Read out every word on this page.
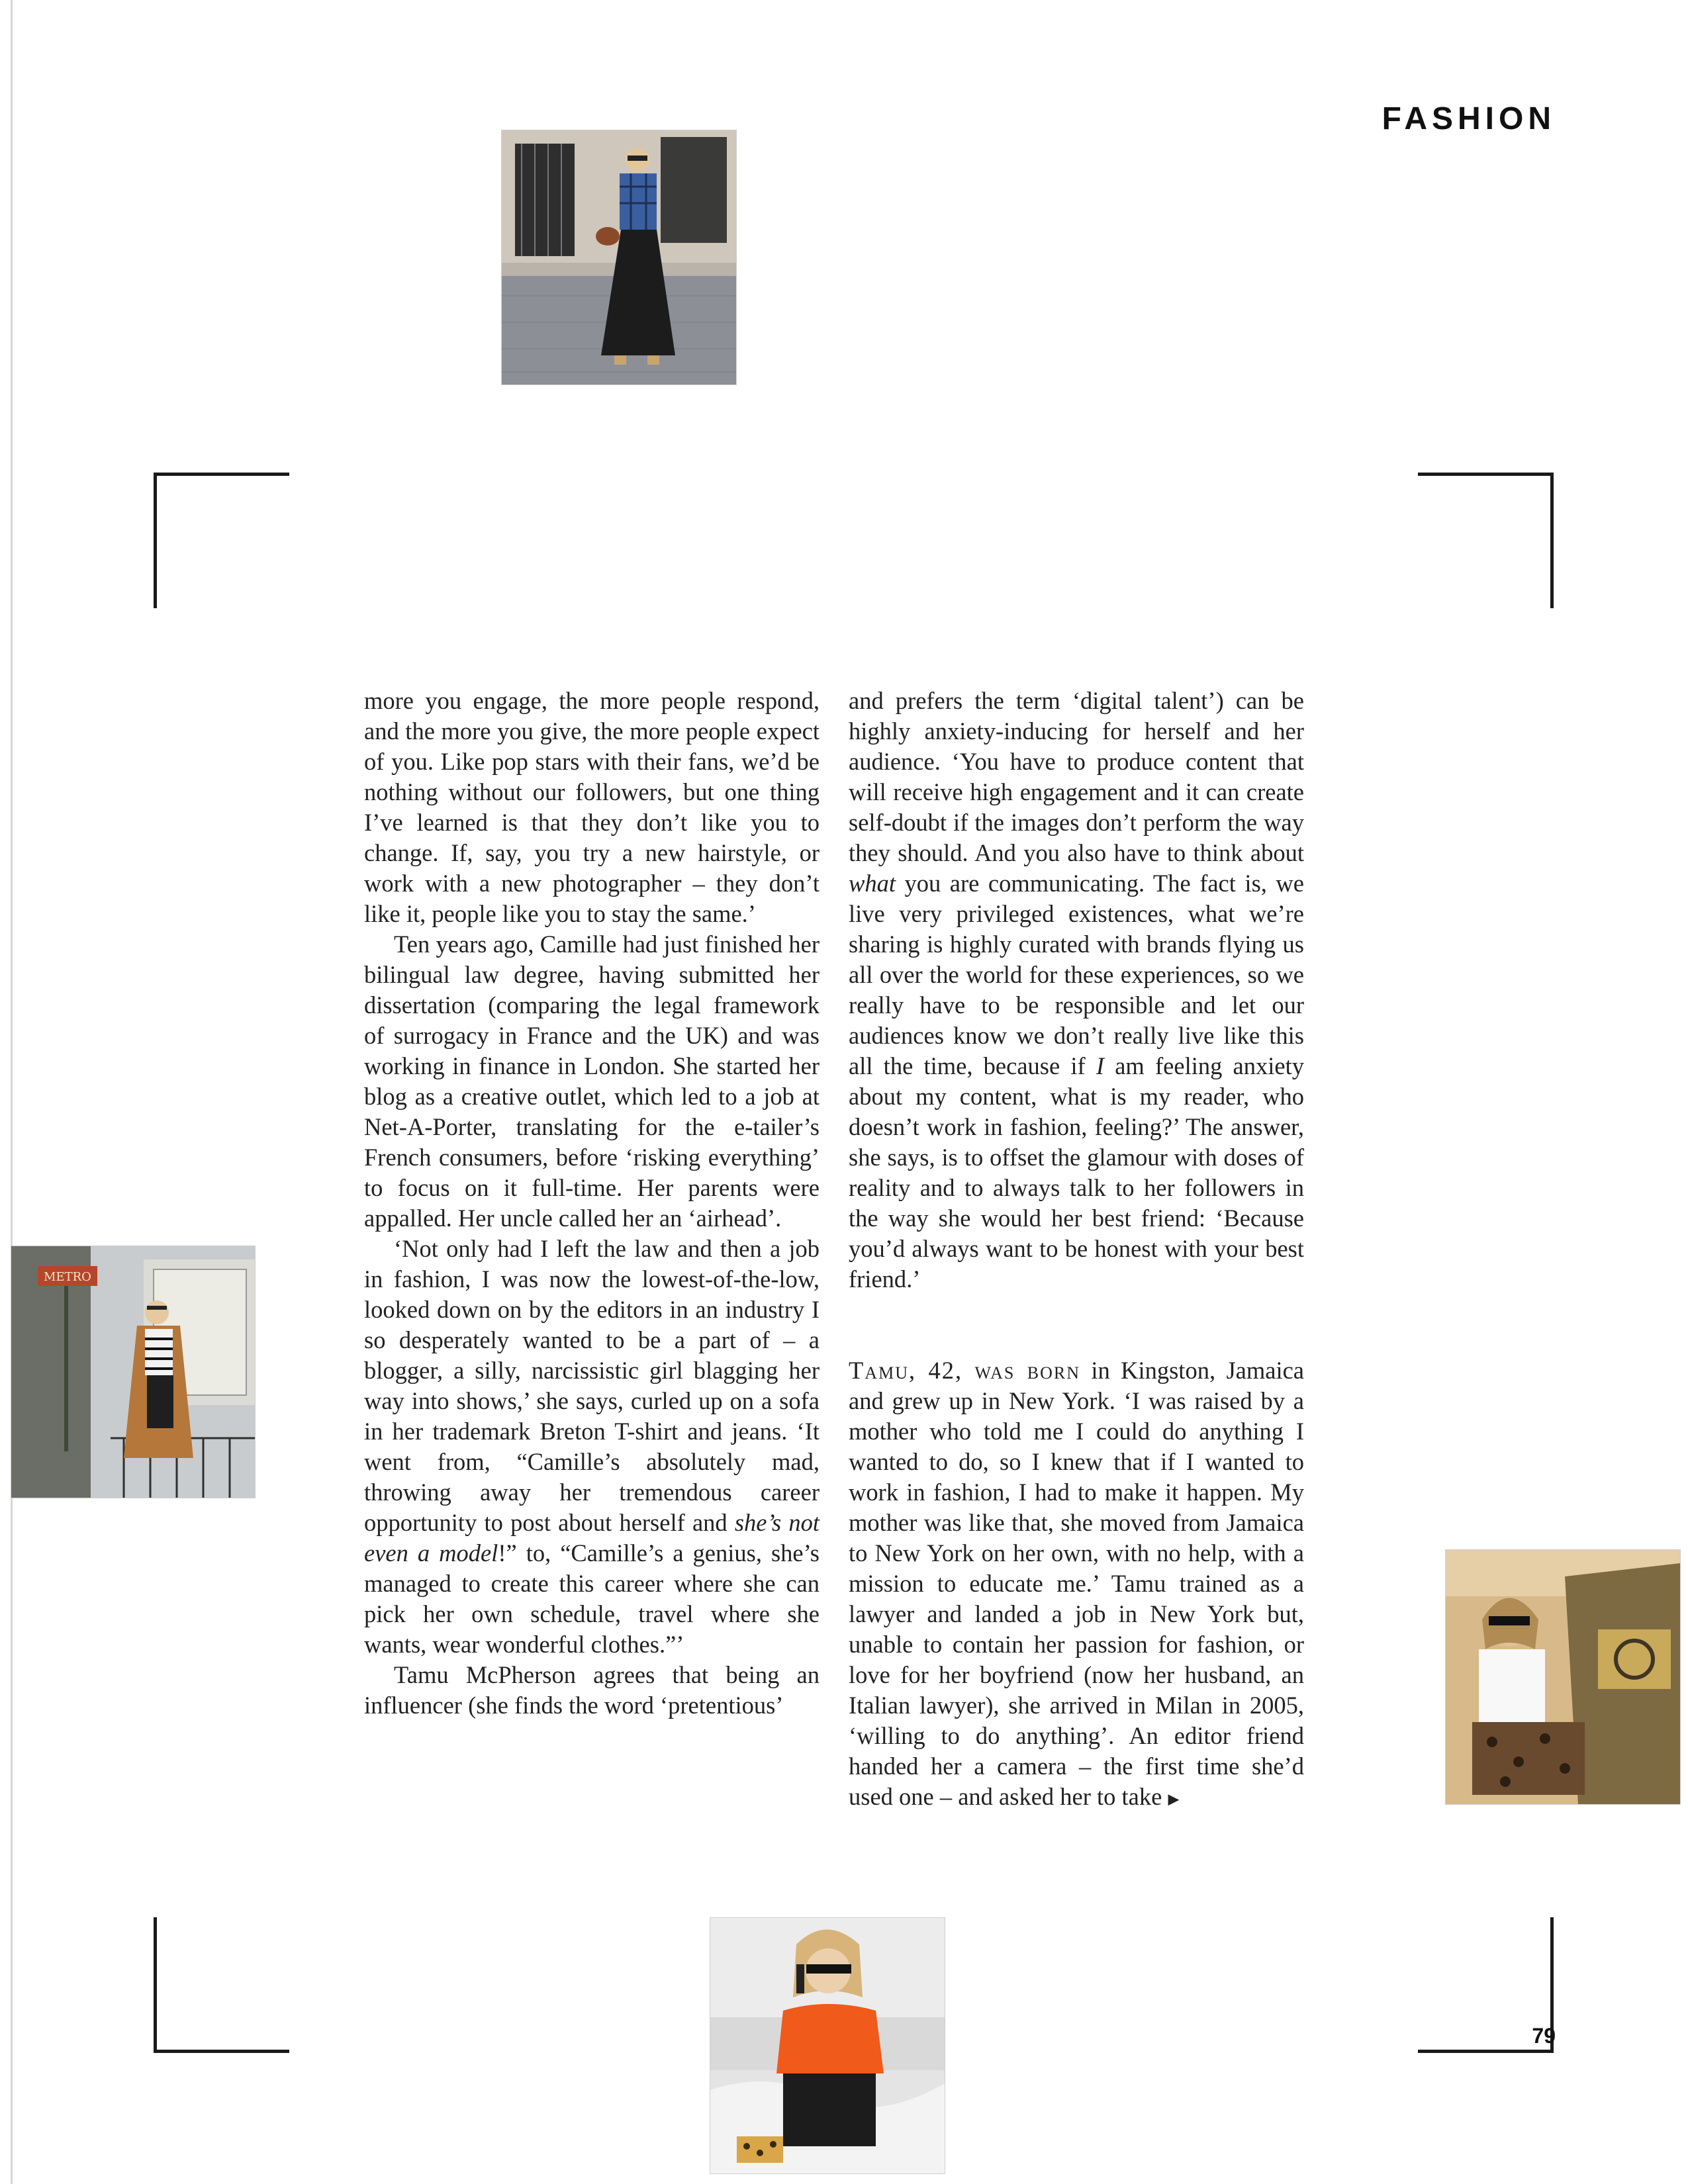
FASHION
METRO

more you engage, the more people respond, and the more you give, the more people expect of you. Like pop stars with their fans, we’d be nothing without our followers, but one thing I’ve learned is that they don’t like you to change. If, say, you try a new hairstyle, or work with a new photographer – they don’t like it, people like you to stay the same.’

Ten years ago, Camille had just finished her bilingual law degree, having submitted her dissertation (comparing the legal framework of surrogacy in France and the UK) and was working in finance in London. She started her blog as a creative outlet, which led to a job at Net-A-Porter, translating for the e-tailer’s French consumers, before ‘risking everything’ to focus on it full-time. Her parents were appalled. Her uncle called her an ‘airhead’.

‘Not only had I left the law and then a job in fashion, I was now the lowest-of-the-low, looked down on by the editors in an industry I so desperately wanted to be a part of – a blogger, a silly, narcissistic girl blagging her way into shows,’ she says, curled up on a sofa in her trademark Breton T-shirt and jeans. ‘It went from, “Camille’s absolutely mad, throwing away her tremendous career opportunity to post about herself and she’s not even a model!” to, “Camille’s a genius, she’s managed to create this career where she can pick her own schedule, travel where she wants, wear wonderful clothes.”’

Tamu McPherson agrees that being an influencer (she finds the word ‘pretentious’

and prefers the term ‘digital talent’) can be highly anxiety-inducing for herself and her audience. ‘You have to produce content that will receive high engagement and it can create self-doubt if the images don’t perform the way they should. And you also have to think about what you are communicating. The fact is, we live very privileged existences, what we’re sharing is highly curated with brands flying us all over the world for these experiences, so we really have to be responsible and let our audiences know we don’t really live like this all the time, because if I am feeling anxiety about my content, what is my reader, who doesn’t work in fashion, feeling?’ The answer, she says, is to offset the glamour with doses of reality and to always talk to her followers in the way she would her best friend: ‘Because you’d always want to be honest with your best friend.’

Tamu, 42, was born in Kingston, Jamaica and grew up in New York. ‘I was raised by a mother who told me I could do anything I wanted to do, so I knew that if I wanted to work in fashion, I had to make it happen. My mother was like that, she moved from Jamaica to New York on her own, with no help, with a mission to educate me.’ Tamu trained as a lawyer and landed a job in New York but, unable to contain her passion for fashion, or love for her boyfriend (now her husband, an Italian lawyer), she arrived in Milan in 2005, ‘willing to do anything’. An editor friend handed her a camera – the first time she’d used one – and asked her to take ▶

79
